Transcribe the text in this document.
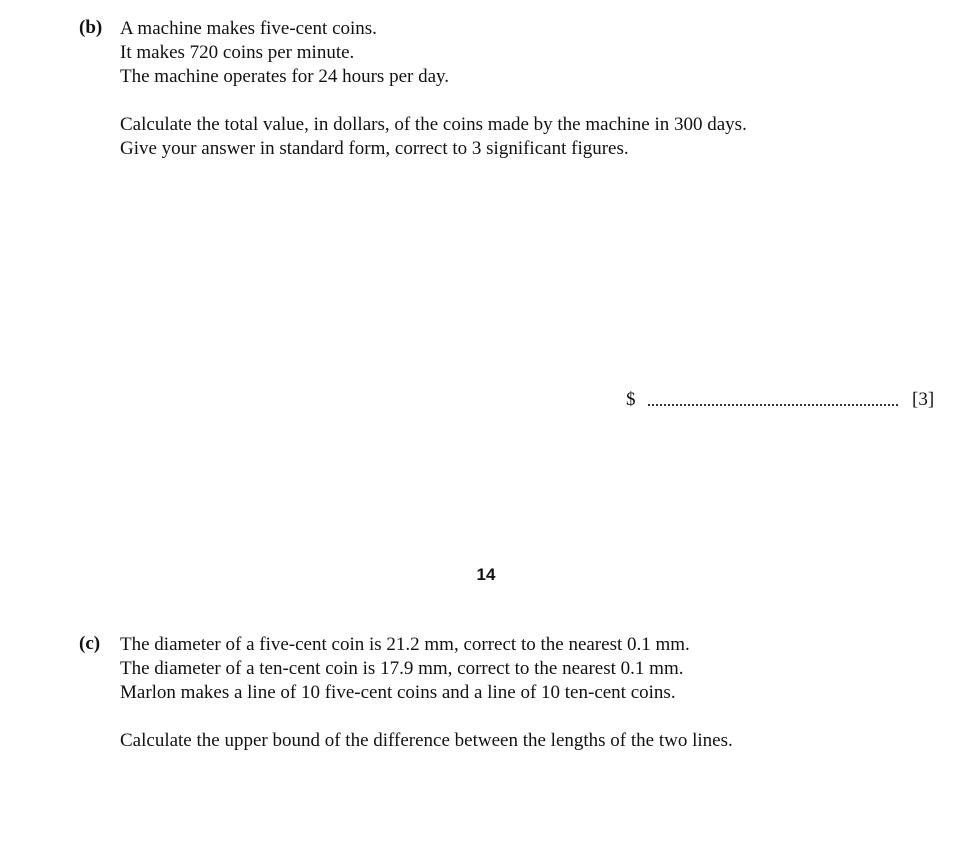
(b) A machine makes five-cent coins.
It makes 720 coins per minute.
The machine operates for 24 hours per day.
Calculate the total value, in dollars, of the coins made by the machine in 300 days.
Give your answer in standard form, correct to 3 significant figures.
$	[3]
14
(c) The diameter of a five-cent coin is 21.2 mm, correct to the nearest 0.1 mm.
The diameter of a ten-cent coin is 17.9 mm, correct to the nearest 0.1 mm.
Marlon makes a line of 10 five-cent coins and a line of 10 ten-cent coins.
Calculate the upper bound of the difference between the lengths of the two lines.
